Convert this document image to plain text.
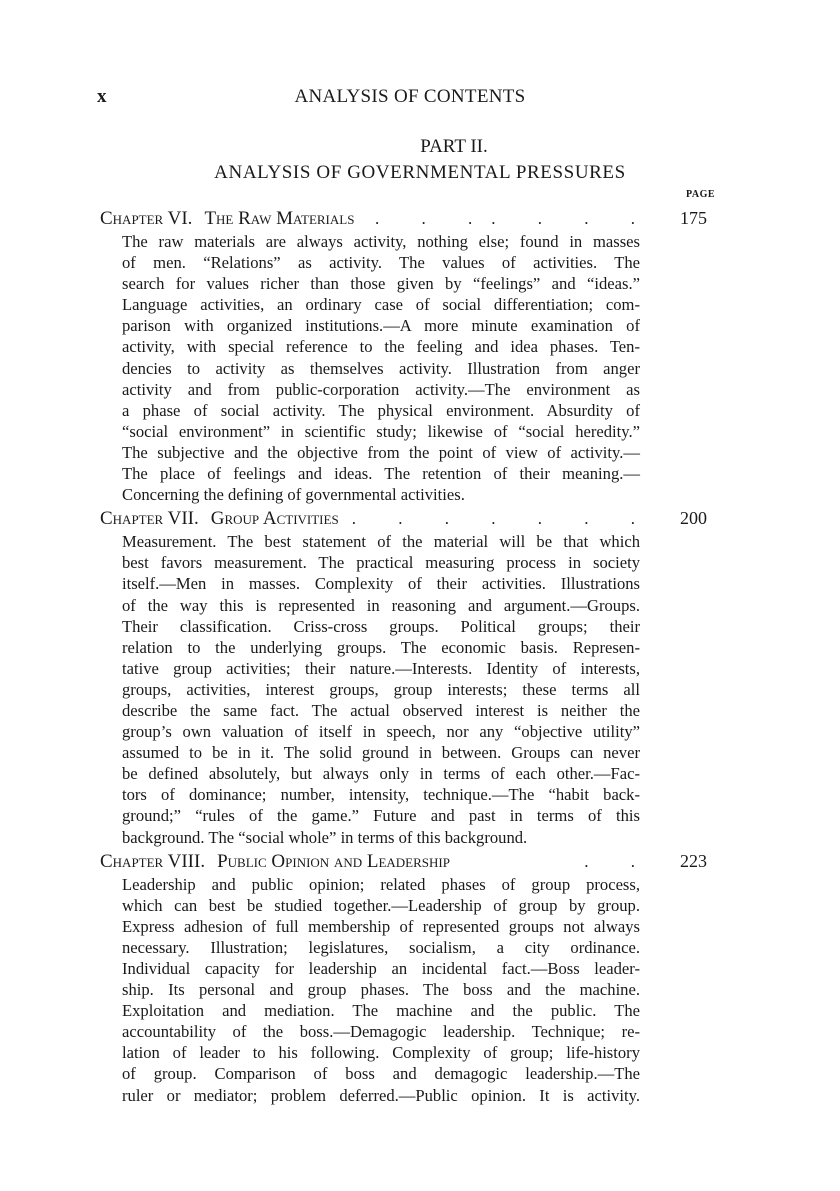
x	ANALYSIS OF CONTENTS
PART II.
ANALYSIS OF GOVERNMENTAL PRESSURES
PAGE
Chapter VI. The Raw Materials	. . .. . . . 175
The raw materials are always activity, nothing else; found in masses
of men. “Relations” as activity. The values of activities. The
search for values richer than those given by “feelings” and “ideas.”
Language activities, an ordinary case of social differentiation; com-
parison with organized institutions.—A more minute examination of
activity, with special reference to the feeling and idea phases. Ten-
dencies to activity as themselves activity. Illustration from anger
activity and from public-corporation activity.—The environment as
a phase of social activity. The physical environment. Absurdity of
“social environment” in scientific study; likewise of “social heredity.”
The subjective and the objective from the point of view of activity.—
The place of feelings and ideas. The retention of their meaning.—
Concerning the defining of governmental activities.
Chapter VII. Group Activities . . . . . . . 200
Measurement. The best statement of the material will be that which
best favors measurement. The practical measuring process in society
itself.—Men in masses. Complexity of their activities. Illustrations
of the way this is represented in reasoning and argument.—Groups.
Their classification. Criss-cross groups. Political groups; their
relation to the underlying groups. The economic basis. Represen-
tative group activities; their nature.—Interests. Identity of interests,
groups, activities, interest groups, group interests; these terms all
describe the same fact. The actual observed interest is neither the
group’s own valuation of itself in speech, nor any “objective utility”
assumed to be in it. The solid ground in between. Groups can never
be defined absolutely, but always only in terms of each other.—Fac-
tors of dominance; number, intensity, technique.—The “habit back-
ground;” “rules of the game.” Future and past in terms of this
background. The “social whole” in terms of this background.
Chapter VIII. Public Opinion and Leadership	. . 223
Leadership and public opinion; related phases of group process,
which can best be studied together.—Leadership of group by group.
Express adhesion of full membership of represented groups not always
necessary. Illustration; legislatures, socialism, a city ordinance.
Individual capacity for leadership an incidental fact.—Boss leader-
ship. Its personal and group phases. The boss and the machine.
Exploitation and mediation. The machine and the public. The
accountability of the boss.—Demagogic leadership. Technique; re-
lation of leader to his following. Complexity of group; life-history
of group. Comparison of boss and demagogic leadership.—The
ruler or mediator; problem deferred.—Public opinion. It is activity.
